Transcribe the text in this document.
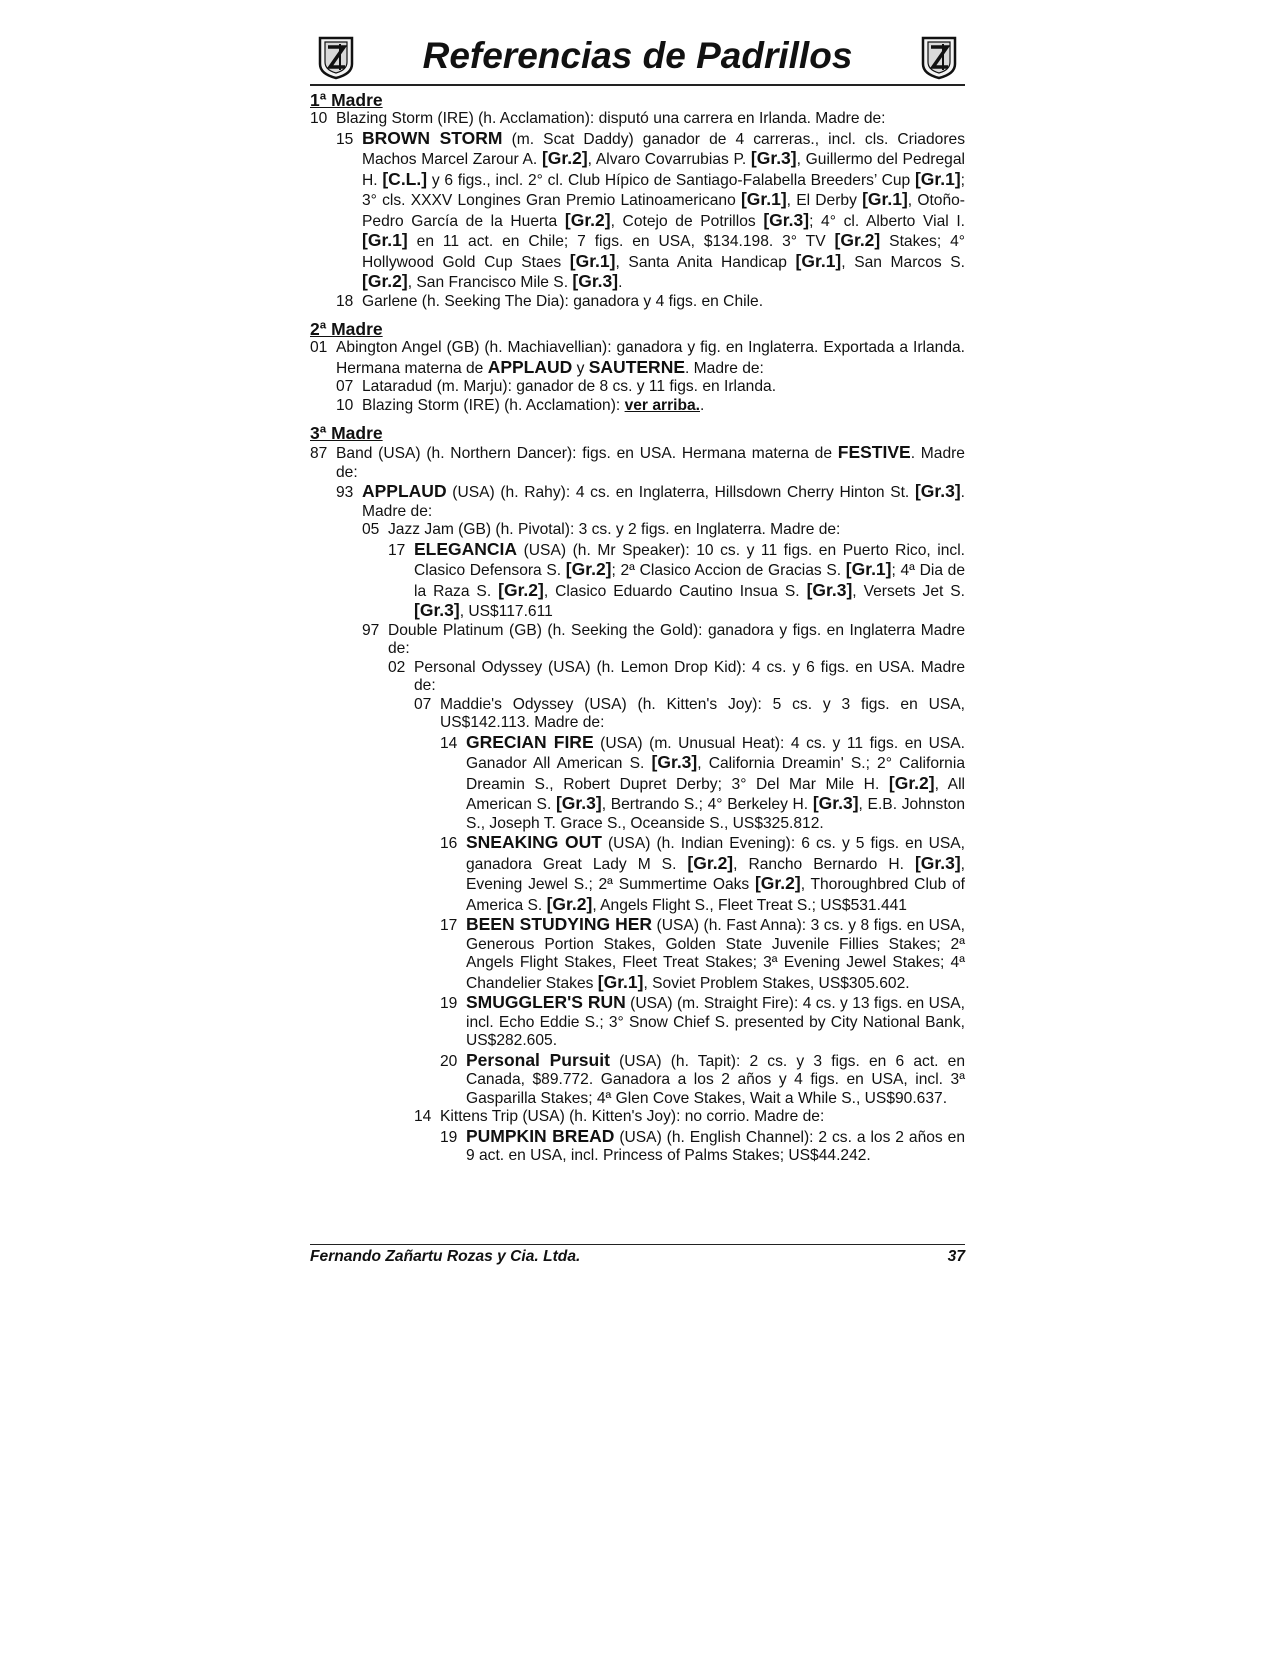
Referencias de Padrillos
1ª Madre
10 Blazing Storm (IRE) (h. Acclamation): disputó una carrera en Irlanda. Madre de:
15 BROWN STORM (m. Scat Daddy) ganador de 4 carreras., incl. cls. Criadores Machos Marcel Zarour A. [Gr.2], Alvaro Covarrubias P. [Gr.3], Guillermo del Pedregal H. [C.L.] y 6 figs., incl. 2° cl. Club Hípico de Santiago-Falabella Breeders’ Cup [Gr.1]; 3° cls. XXXV Longines Gran Premio Latinoamericano [Gr.1], El Derby [Gr.1], Otoño-Pedro García de la Huerta [Gr.2], Cotejo de Potrillos [Gr.3]; 4° cl. Alberto Vial I. [Gr.1] en 11 act. en Chile; 7 figs. en USA, $134.198. 3° TV [Gr.2] Stakes; 4° Hollywood Gold Cup Staes [Gr.1], Santa Anita Handicap [Gr.1], San Marcos S. [Gr.2], San Francisco Mile S. [Gr.3].
18 Garlene (h. Seeking The Dia): ganadora y 4 figs. en Chile.
2ª Madre
01 Abington Angel (GB) (h. Machiavellian): ganadora y fig. en Inglaterra. Exportada a Irlanda. Hermana materna de APPLAUD y SAUTERNE. Madre de:
07 Lataradud (m. Marju): ganador de 8 cs. y 11 figs. en Irlanda.
10 Blazing Storm (IRE) (h. Acclamation): ver arriba..
3ª Madre
87 Band (USA) (h. Northern Dancer): figs. en USA. Hermana materna de FESTIVE. Madre de:
93 APPLAUD (USA) (h. Rahy): 4 cs. en Inglaterra, Hillsdown Cherry Hinton St. [Gr.3]. Madre de:
05 Jazz Jam (GB) (h. Pivotal): 3 cs. y 2 figs. en Inglaterra. Madre de:
17 ELEGANCIA (USA) (h. Mr Speaker): 10 cs. y 11 figs. en Puerto Rico, incl. Clasico Defensora S. [Gr.2]; 2ª Clasico Accion de Gracias S. [Gr.1]; 4ª Dia de la Raza S. [Gr.2], Clasico Eduardo Cautino Insua S. [Gr.3], Versets Jet S. [Gr.3], US$117.611
97 Double Platinum (GB) (h. Seeking the Gold): ganadora y figs. en Inglaterra Madre de:
02 Personal Odyssey (USA) (h. Lemon Drop Kid): 4 cs. y 6 figs. en USA. Madre de:
07 Maddie's Odyssey (USA) (h. Kitten's Joy): 5 cs. y 3 figs. en USA, US$142.113. Madre de:
14 GRECIAN FIRE (USA) (m. Unusual Heat): 4 cs. y 11 figs. en USA. Ganador All American S. [Gr.3], California Dreamin' S.; 2° California Dreamin S., Robert Dupret Derby; 3° Del Mar Mile H. [Gr.2], All American S. [Gr.3], Bertrando S.; 4° Berkeley H. [Gr.3], E.B. Johnston S., Joseph T. Grace S., Oceanside S., US$325.812.
16 SNEAKING OUT (USA) (h. Indian Evening): 6 cs. y 5 figs. en USA, ganadora Great Lady M S. [Gr.2], Rancho Bernardo H. [Gr.3], Evening Jewel S.; 2ª Summertime Oaks [Gr.2], Thoroughbred Club of America S. [Gr.2], Angels Flight S., Fleet Treat S.; US$531.441
17 BEEN STUDYING HER (USA) (h. Fast Anna): 3 cs. y 8 figs. en USA, Generous Portion Stakes, Golden State Juvenile Fillies Stakes; 2ª Angels Flight Stakes, Fleet Treat Stakes; 3ª Evening Jewel Stakes; 4ª Chandelier Stakes [Gr.1], Soviet Problem Stakes, US$305.602.
19 SMUGGLER'S RUN (USA) (m. Straight Fire): 4 cs. y 13 figs. en USA, incl. Echo Eddie S.; 3° Snow Chief S. presented by City National Bank, US$282.605.
20 Personal Pursuit (USA) (h. Tapit): 2 cs. y 3 figs. en 6 act. en Canada, $89.772. Ganadora a los 2 años y 4 figs. en USA, incl. 3ª Gasparilla Stakes; 4ª Glen Cove Stakes, Wait a While S., US$90.637.
14 Kittens Trip (USA) (h. Kitten's Joy): no corrio. Madre de:
19 PUMPKIN BREAD (USA) (h. English Channel): 2 cs. a los 2 años en 9 act. en USA, incl. Princess of Palms Stakes; US$44.242.
Fernando Zañartu Rozas y Cia. Ltda.	37
